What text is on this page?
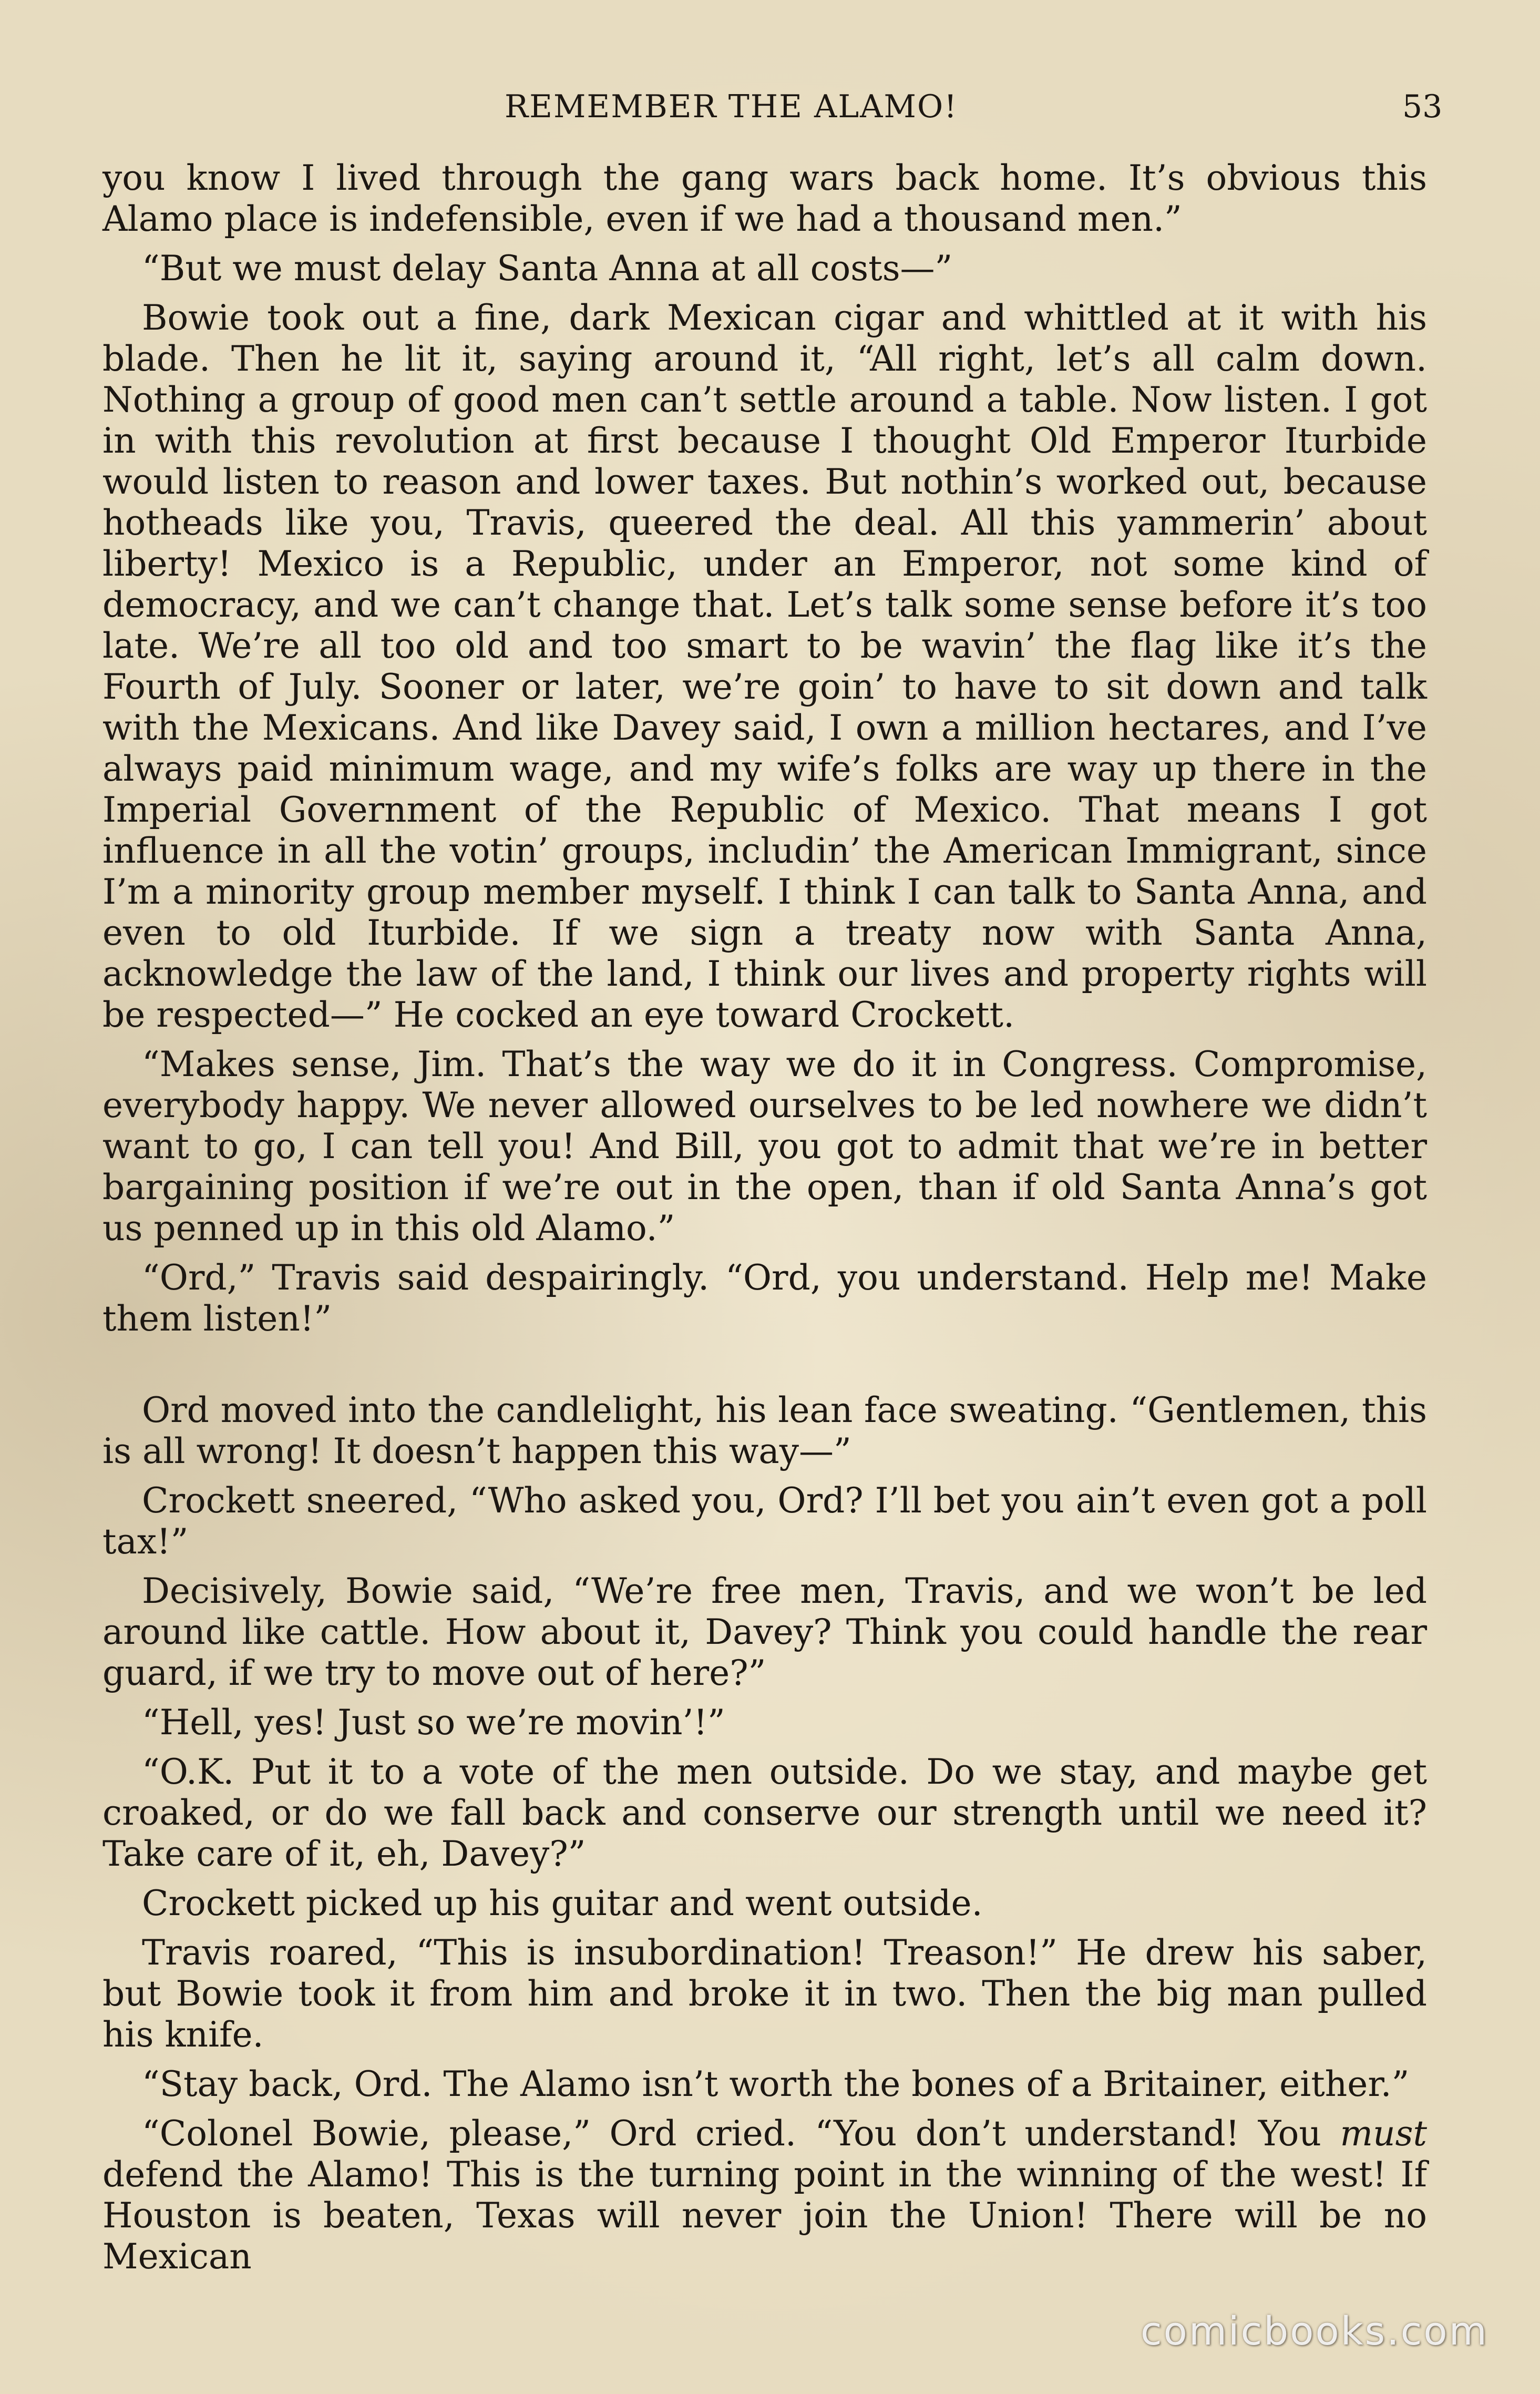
REMEMBER THE ALAMO!	53

you know I lived through the gang wars back home. It’s obvious this Alamo place is indefensible, even if we had a thousand men.”

“But we must delay Santa Anna at all costs—”

Bowie took out a fine, dark Mexican cigar and whittled at it with his blade. Then he lit it, saying around it, “All right, let’s all calm down. Nothing a group of good men can’t settle around a table. Now listen. I got in with this revolution at first because I thought Old Emperor Iturbide would listen to reason and lower taxes. But nothin’s worked out, because hotheads like you, Travis, queered the deal. All this yammerin’ about liberty! Mexico is a Republic, under an Emperor, not some kind of democracy, and we can’t change that. Let’s talk some sense before it’s too late. We’re all too old and too smart to be wavin’ the flag like it’s the Fourth of July. Sooner or later, we’re goin’ to have to sit down and talk with the Mexicans. And like Davey said, I own a million hectares, and I’ve always paid minimum wage, and my wife’s folks are way up there in the Imperial Government of the Republic of Mexico. That means I got influence in all the votin’ groups, includin’ the American Immigrant, since I’m a minority group member myself. I think I can talk to Santa Anna, and even to old Iturbide. If we sign a treaty now with Santa Anna, acknowledge the law of the land, I think our lives and property rights will be respected—” He cocked an eye toward Crockett.

“Makes sense, Jim. That’s the way we do it in Congress. Compromise, everybody happy. We never allowed ourselves to be led nowhere we didn’t want to go, I can tell you! And Bill, you got to admit that we’re in better bargaining position if we’re out in the open, than if old Santa Anna’s got us penned up in this old Alamo.”

“Ord,” Travis said despairingly. “Ord, you understand. Help me! Make them listen!”

Ord moved into the candlelight, his lean face sweating. “Gentlemen, this is all wrong! It doesn’t happen this way—”

Crockett sneered, “Who asked you, Ord? I’ll bet you ain’t even got a poll tax!”

Decisively, Bowie said, “We’re free men, Travis, and we won’t be led around like cattle. How about it, Davey? Think you could handle the rear guard, if we try to move out of here?”

“Hell, yes! Just so we’re movin’!”

“O.K. Put it to a vote of the men outside. Do we stay, and maybe get croaked, or do we fall back and conserve our strength until we need it? Take care of it, eh, Davey?”

Crockett picked up his guitar and went outside.

Travis roared, “This is insubordination! Treason!” He drew his saber, but Bowie took it from him and broke it in two. Then the big man pulled his knife.

“Stay back, Ord. The Alamo isn’t worth the bones of a Britainer, either.”

“Colonel Bowie, please,” Ord cried. “You don’t understand! You must defend the Alamo! This is the turning point in the winning of the west! If Houston is beaten, Texas will never join the Union! There will be no Mexican

comicbooks.com
